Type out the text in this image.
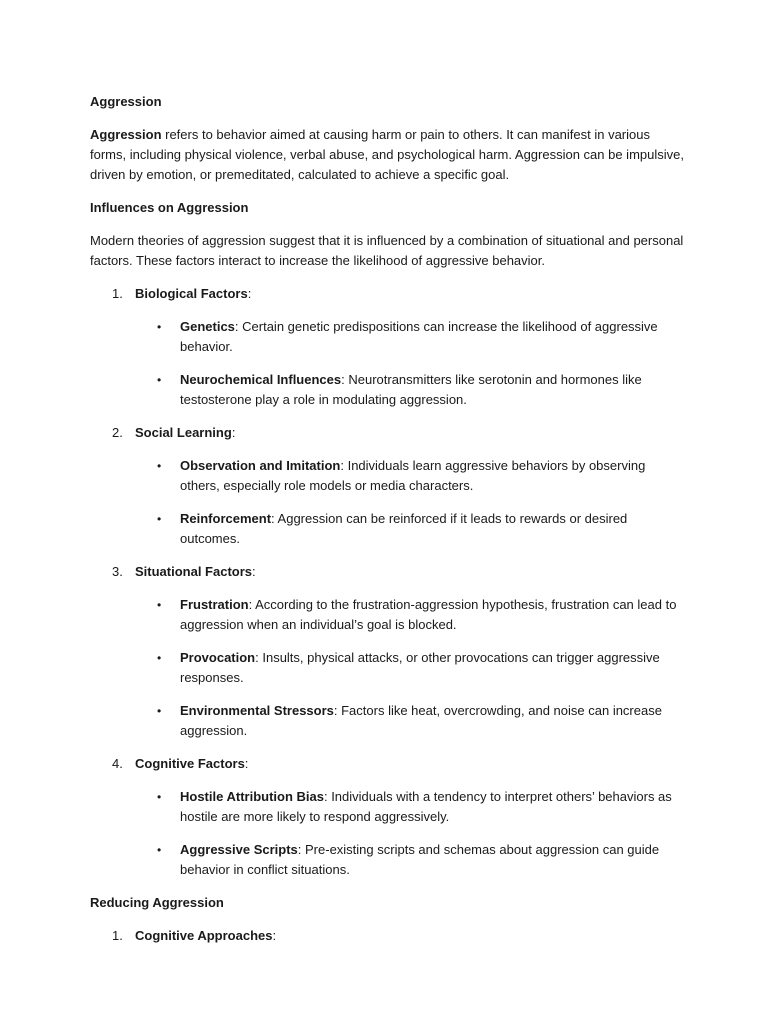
Aggression

Aggression refers to behavior aimed at causing harm or pain to others. It can manifest in various forms, including physical violence, verbal abuse, and psychological harm. Aggression can be impulsive, driven by emotion, or premeditated, calculated to achieve a specific goal.

Influences on Aggression

Modern theories of aggression suggest that it is influenced by a combination of situational and personal factors. These factors interact to increase the likelihood of aggressive behavior.

1. Biological Factors:
• Genetics: Certain genetic predispositions can increase the likelihood of aggressive behavior.
• Neurochemical Influences: Neurotransmitters like serotonin and hormones like testosterone play a role in modulating aggression.
2. Social Learning:
• Observation and Imitation: Individuals learn aggressive behaviors by observing others, especially role models or media characters.
• Reinforcement: Aggression can be reinforced if it leads to rewards or desired outcomes.
3. Situational Factors:
• Frustration: According to the frustration-aggression hypothesis, frustration can lead to aggression when an individual’s goal is blocked.
• Provocation: Insults, physical attacks, or other provocations can trigger aggressive responses.
• Environmental Stressors: Factors like heat, overcrowding, and noise can increase aggression.
4. Cognitive Factors:
• Hostile Attribution Bias: Individuals with a tendency to interpret others’ behaviors as hostile are more likely to respond aggressively.
• Aggressive Scripts: Pre-existing scripts and schemas about aggression can guide behavior in conflict situations.

Reducing Aggression

1. Cognitive Approaches:
